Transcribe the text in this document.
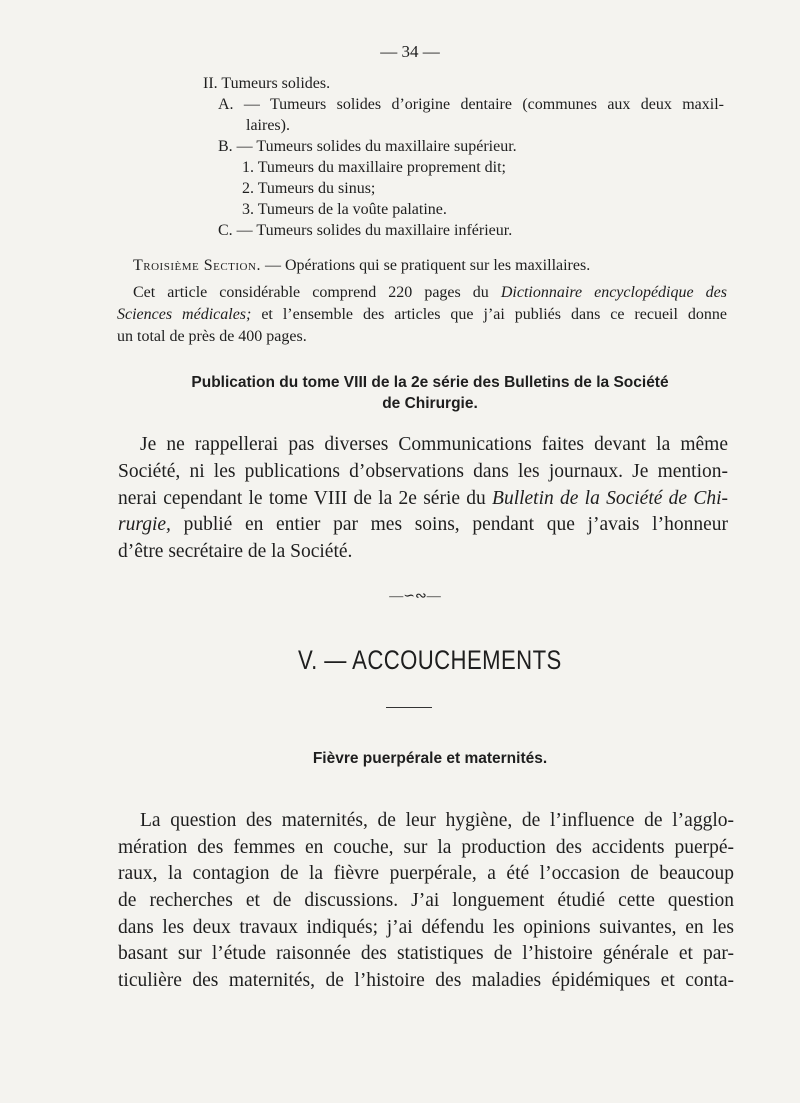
— 34 —
II. Tumeurs solides.
A. — Tumeurs solides d’origine dentaire (communes aux deux maxil-
laires).
B. — Tumeurs solides du maxillaire supérieur.
1. Tumeurs du maxillaire proprement dit;
2. Tumeurs du sinus;
3. Tumeurs de la voûte palatine.
C. — Tumeurs solides du maxillaire inférieur.
Troisième Section. — Opérations qui se pratiquent sur les maxillaires.
Cet article considérable comprend 220 pages du Dictionnaire encyclopédique des
Sciences médicales; et l’ensemble des articles que j’ai publiés dans ce recueil donne
un total de près de 400 pages.
Publication du tome VIII de la 2e série des Bulletins de la Société
de Chirurgie.
Je ne rappellerai pas diverses Communications faites devant la même
Société, ni les publications d’observations dans les journaux. Je mention-
nerai cependant le tome VIII de la 2e série du Bulletin de la Société de Chi-
rurgie, publié en entier par mes soins, pendant que j’avais l’honneur
d’être secrétaire de la Société.
—∽∾—
V. — ACCOUCHEMENTS
Fièvre puerpérale et maternités.
La question des maternités, de leur hygiène, de l’influence de l’agglo-
mération des femmes en couche, sur la production des accidents puerpé-
raux, la contagion de la fièvre puerpérale, a été l’occasion de beaucoup
de recherches et de discussions. J’ai longuement étudié cette question
dans les deux travaux indiqués; j’ai défendu les opinions suivantes, en les
basant sur l’étude raisonnée des statistiques de l’histoire générale et par-
ticulière des maternités, de l’histoire des maladies épidémiques et conta-
